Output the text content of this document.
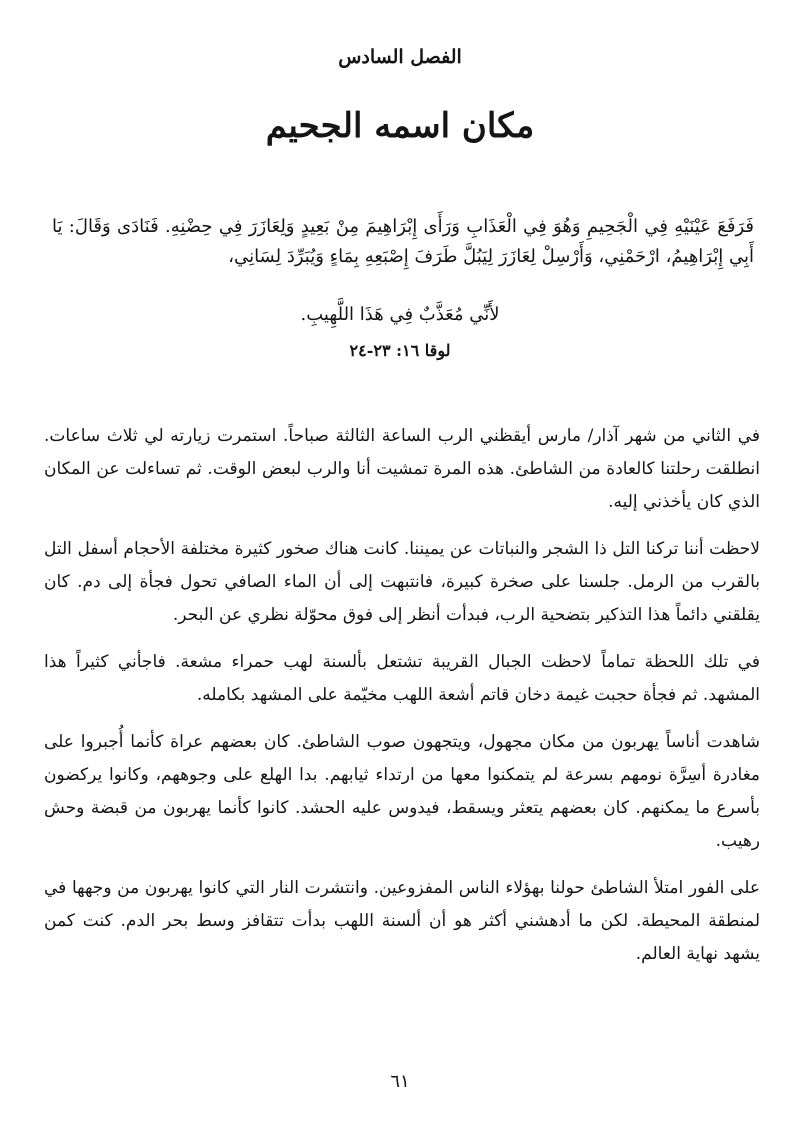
الفصل السادس
مكان اسمه الجحيم
فَرَفَعَ عَيْنَيْهِ فِي الْجَحِيمِ وَهُوَ فِي الْعَذَابِ وَرَأَى إِبْرَاهِيمَ مِنْ بَعِيدٍ وَلِعَازَرَ فِي حِضْنِهِ. فَنَادَى وَقَالَ: يَا أَبِي إِبْرَاهِيمُ، ارْحَمْنِي، وَأَرْسِلْ لِعَازَرَ لِيَبُلَّ طَرَفَ إِصْبَعِهِ بِمَاءٍ وَيُبَرِّدَ لِسَانِي،
لأَنِّي مُعَذَّبٌ فِي هَذَا اللَّهِيبِ.
لوقا ١٦: ٢٣-٢٤

في الثاني من شهر آذار/ مارس أيقظني الرب الساعة الثالثة صباحاً. استمرت زيارته لي ثلاث ساعات. انطلقت رحلتنا كالعادة من الشاطئ. هذه المرة تمشيت أنا والرب لبعض الوقت. ثم تساءلت عن المكان الذي كان يأخذني إليه.

لاحظت أننا تركنا التل ذا الشجر والنباتات عن يميننا. كانت هناك صخور كثيرة مختلفة الأحجام أسفل التل بالقرب من الرمل. جلسنا على صخرة كبيرة، فانتبهت إلى أن الماء الصافي تحول فجأة إلى دم. كان يقلقني دائماً هذا التذكير بتضحية الرب، فبدأت أنظر إلى فوق محوّلة نظري عن البحر.

في تلك اللحظة تماماً لاحظت الجبال القريبة تشتعل بألسنة لهب حمراء مشعة. فاجأني كثيراً هذا المشهد. ثم فجأة حجبت غيمة دخان قاتم أشعة اللهب مخيّمة على المشهد بكامله.

شاهدت أناساً يهربون من مكان مجهول، ويتجهون صوب الشاطئ. كان بعضهم عراة كأنما أُجبروا على مغادرة أسِرَّة نومهم بسرعة لم يتمكنوا معها من ارتداء ثيابهم. بدا الهلع على وجوههم، وكانوا يركضون بأسرع ما يمكنهم. كان بعضهم يتعثر ويسقط، فيدوس عليه الحشد. كانوا كأنما يهربون من قبضة وحش رهيب.

على الفور امتلأ الشاطئ حولنا بهؤلاء الناس المفزوعين. وانتشرت النار التي كانوا يهربون من وجهها في لمنطقة المحيطة. لكن ما أدهشني أكثر هو أن ألسنة اللهب بدأت تتقافز وسط بحر الدم. كنت كمن يشهد نهاية العالم.

٦١
